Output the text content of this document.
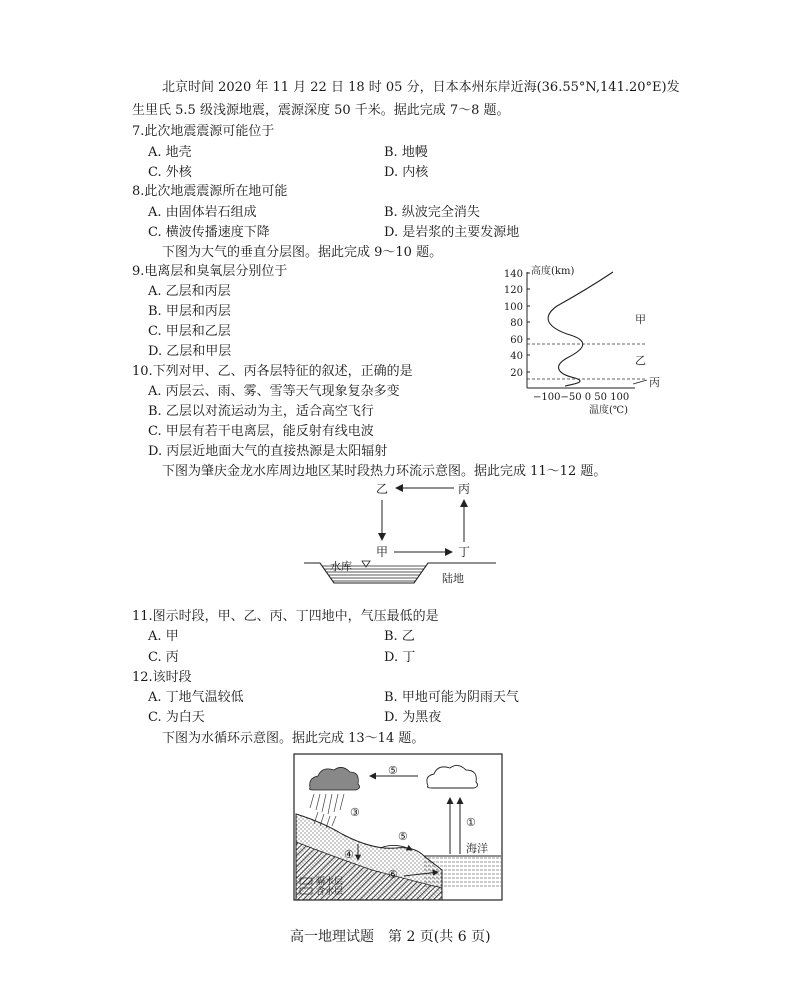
北京时间 2020 年 11 月 22 日 18 时 05 分，日本本州东岸近海(36.55°N,141.20°E)发
生里氏 5.5 级浅源地震，震源深度 50 千米。据此完成 7～8 题。
7.此次地震震源可能位于
A. 地壳	B. 地幔
C. 外核	D. 内核
8.此次地震震源所在地可能
A. 由固体岩石组成	B. 纵波完全消失
C. 横波传播速度下降	D. 是岩浆的主要发源地
下图为大气的垂直分层图。据此完成 9～10 题。
9.电离层和臭氧层分别位于
A. 乙层和丙层
B. 甲层和丙层
C. 甲层和乙层
D. 乙层和甲层
10.下列对甲、乙、丙各层特征的叙述，正确的是
A. 丙层云、雨、雾、雪等天气现象复杂多变
B. 乙层以对流运动为主，适合高空飞行
C. 甲层有若干电离层，能反射有线电波
D. 丙层近地面大气的直接热源是太阳辐射
140
120
100
80
60
40
20
高度(km)
甲
乙
丙
−100−50 0 50 100
温度(℃)
下图为肇庆金龙水库周边地区某时段热力环流示意图。据此完成 11～12 题。
乙	丙
甲	丁
水库
陆地
11.图示时段，甲、乙、丙、丁四地中，气压最低的是
A. 甲	B. 乙
C. 丙	D. 丁
12.该时段
A. 丁地气温较低	B. 甲地可能为阴雨天气
C. 为白天	D. 为黑夜
下图为水循环示意图。据此完成 13～14 题。
⑤
③
①
海洋
⑤
④
⑥
隔水层
含水层
高一地理试题　第 2 页(共 6 页)
